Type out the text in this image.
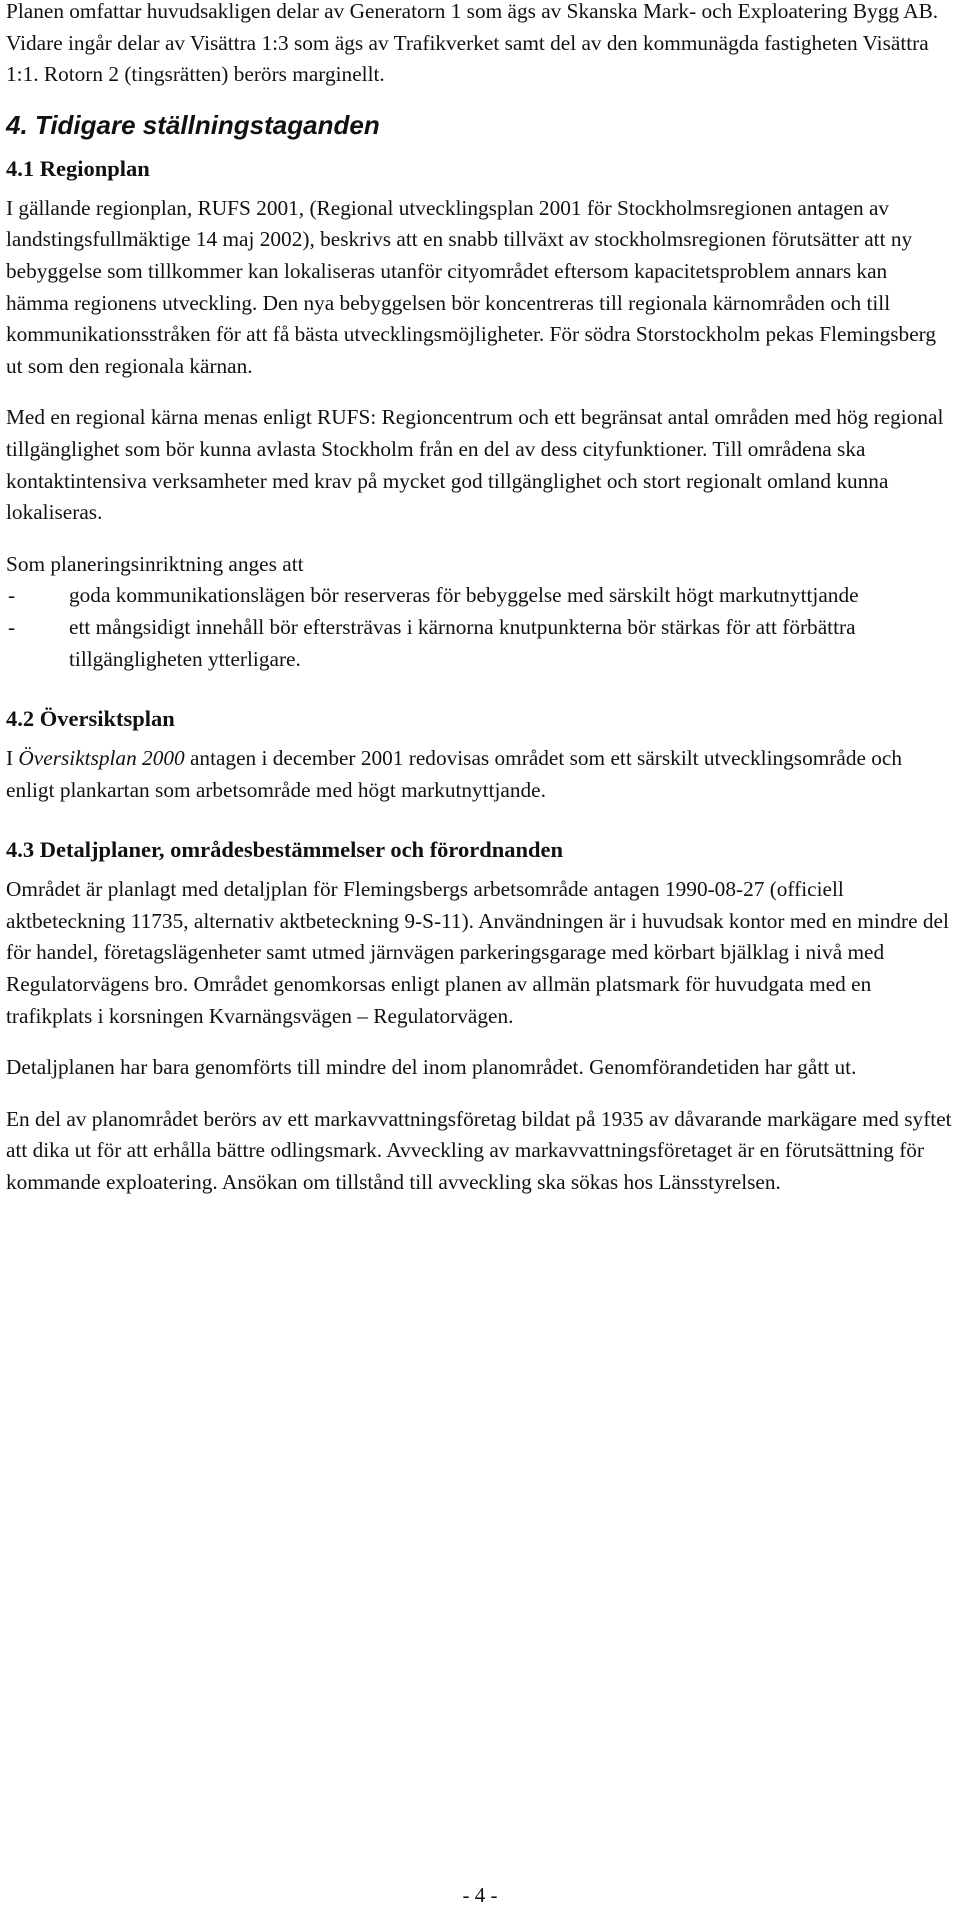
Planen omfattar huvudsakligen delar av Generatorn 1 som ägs av Skanska Mark- och Exploatering Bygg AB. Vidare ingår delar av Visättra 1:3 som ägs av Trafikverket samt del av den kommunägda fastigheten Visättra 1:1. Rotorn 2 (tingsrätten) berörs marginellt.

4. Tidigare ställningstaganden
4.1 Regionplan

I gällande regionplan, RUFS 2001, (Regional utvecklingsplan 2001 för Stockholmsregionen antagen av landstingsfullmäktige 14 maj 2002), beskrivs att en snabb tillväxt av stockholmsregionen förutsätter att ny bebyggelse som tillkommer kan lokaliseras utanför cityområdet eftersom kapacitetsproblem annars kan hämma regionens utveckling. Den nya bebyggelsen bör koncentreras till regionala kärnområden och till kommunikationsstråken för att få bästa utvecklingsmöjligheter. För södra Storstockholm pekas Flemingsberg ut som den regionala kärnan.

Med en regional kärna menas enligt RUFS: Regioncentrum och ett begränsat antal områden med hög regional tillgänglighet som bör kunna avlasta Stockholm från en del av dess cityfunktioner. Till områdena ska kontaktintensiva verksamheter med krav på mycket god tillgänglighet och stort regionalt omland kunna lokaliseras.

Som planeringsinriktning anges att

-	goda kommunikationslägen bör reserveras för bebyggelse med särskilt högt markutnyttjande
-	ett mångsidigt innehåll bör eftersträvas i kärnorna knutpunkterna bör stärkas för att förbättra tillgängligheten ytterligare.
4.2 Översiktsplan

I Översiktsplan 2000 antagen i december 2001 redovisas området som ett särskilt utvecklingsområde och enligt plankartan som arbetsområde med högt markutnyttjande.

4.3 Detaljplaner, områdesbestämmelser och förordnanden

Området är planlagt med detaljplan för Flemingsbergs arbetsområde antagen 1990-08-27 (officiell aktbeteckning 11735, alternativ aktbeteckning 9-S-11). Användningen är i huvudsak kontor med en mindre del för handel, företagslägenheter samt utmed järnvägen parkeringsgarage med körbart bjälklag i nivå med Regulatorvägens bro. Området genomkorsas enligt planen av allmän platsmark för huvudgata med en trafikplats i korsningen Kvarnängsvägen – Regulatorvägen.

Detaljplanen har bara genomförts till mindre del inom planområdet. Genomförandetiden har gått ut.

En del av planområdet berörs av ett markavvattningsföretag bildat på 1935 av dåvarande markägare med syftet att dika ut för att erhålla bättre odlingsmark. Avveckling av markavvattningsföretaget är en förutsättning för kommande exploatering. Ansökan om tillstånd till avveckling ska sökas hos Länsstyrelsen.

- 4 -
